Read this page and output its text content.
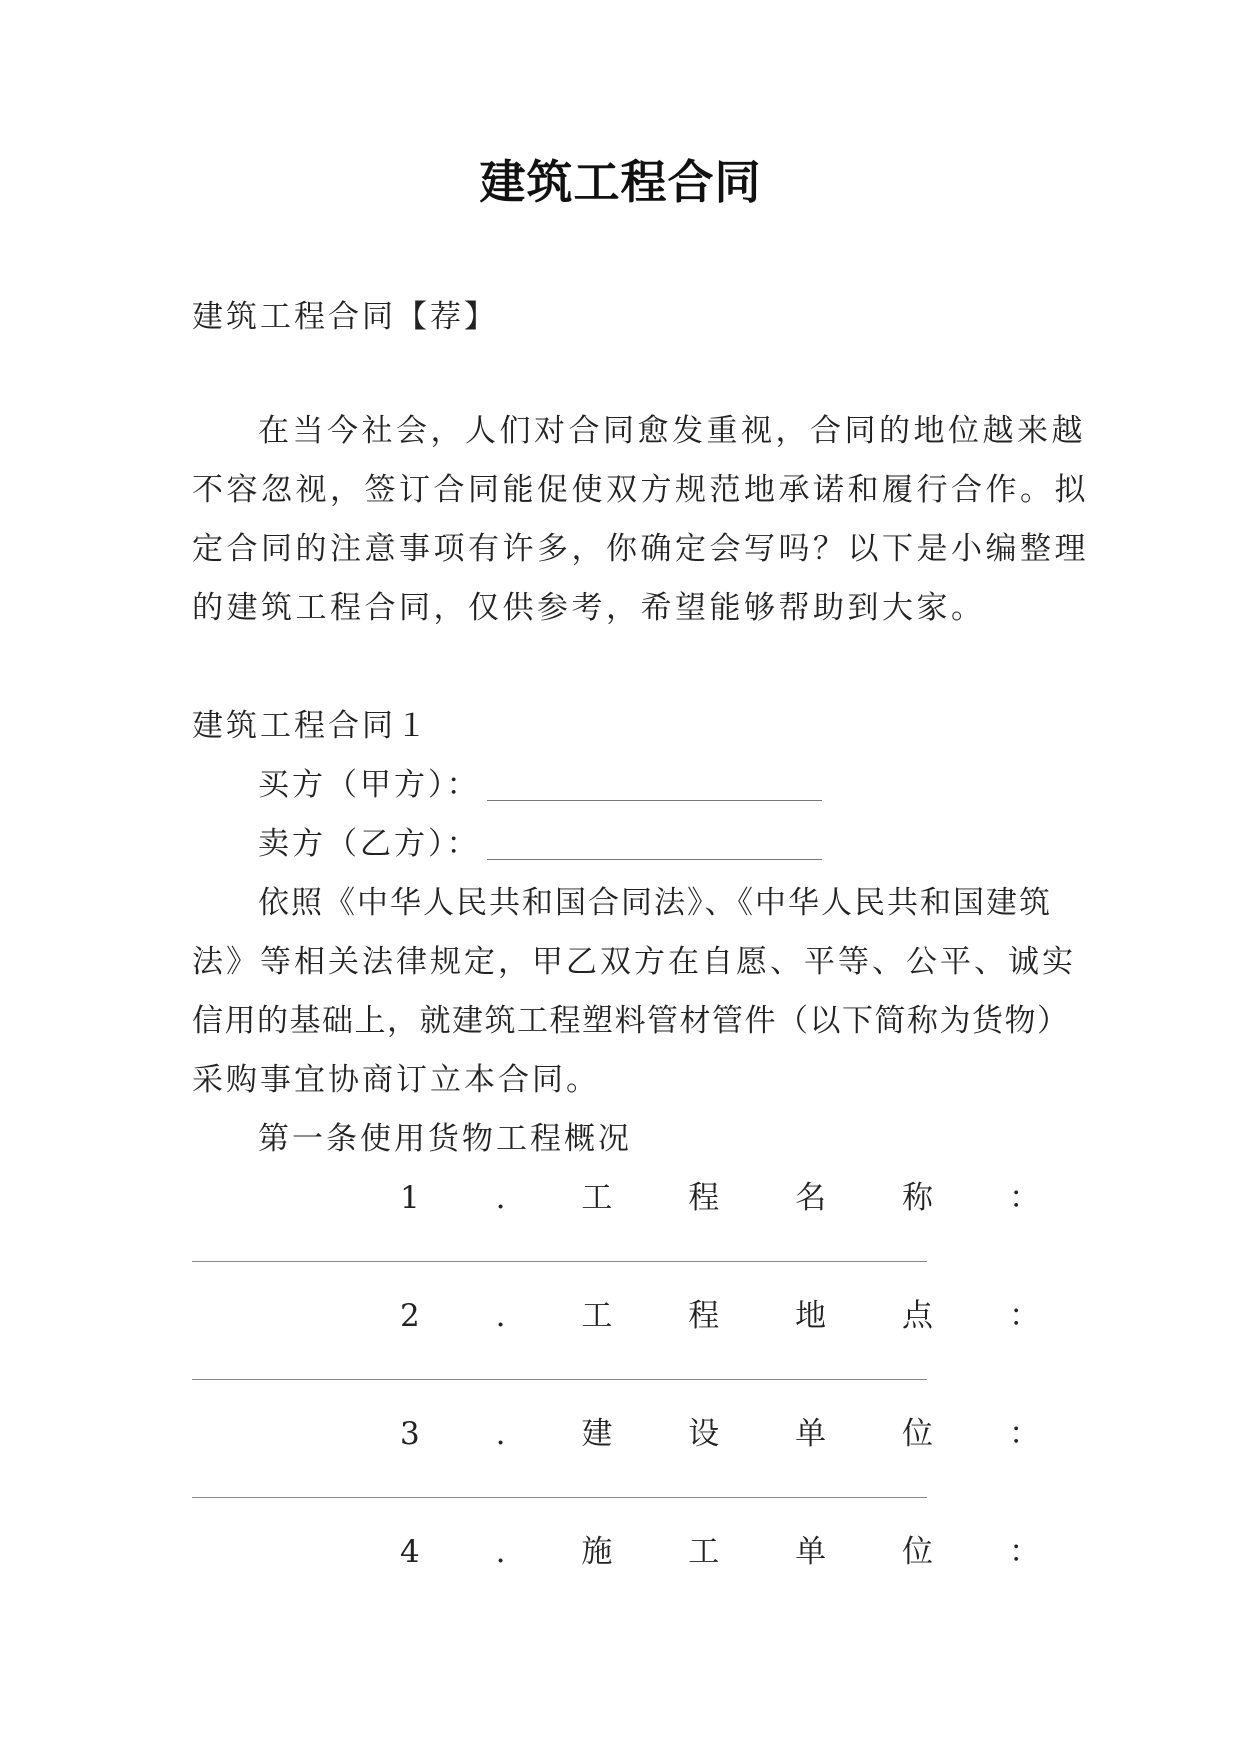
建筑工程合同
建筑工程合同【荐】
在当今社会，人们对合同愈发重视，合同的地位越来越
不容忽视，签订合同能促使双方规范地承诺和履行合作。拟
定合同的注意事项有许多，你确定会写吗？以下是小编整理
的建筑工程合同，仅供参考，希望能够帮助到大家。
建筑工程合同１
买方（甲方）：
卖方（乙方）：
依照《中华人民共和国合同法》、《中华人民共和国建筑
法》等相关法律规定，甲乙双方在自愿、平等、公平、诚实
信用的基础上，就建筑工程塑料管材管件（以下简称为货物）
采购事宜协商订立本合同。
第一条使用货物工程概况
1 . 工 程 名 称 ：
2 . 工 程 地 点 ：
3 . 建 设 单 位 ：
4 . 施 工 单 位 ：
